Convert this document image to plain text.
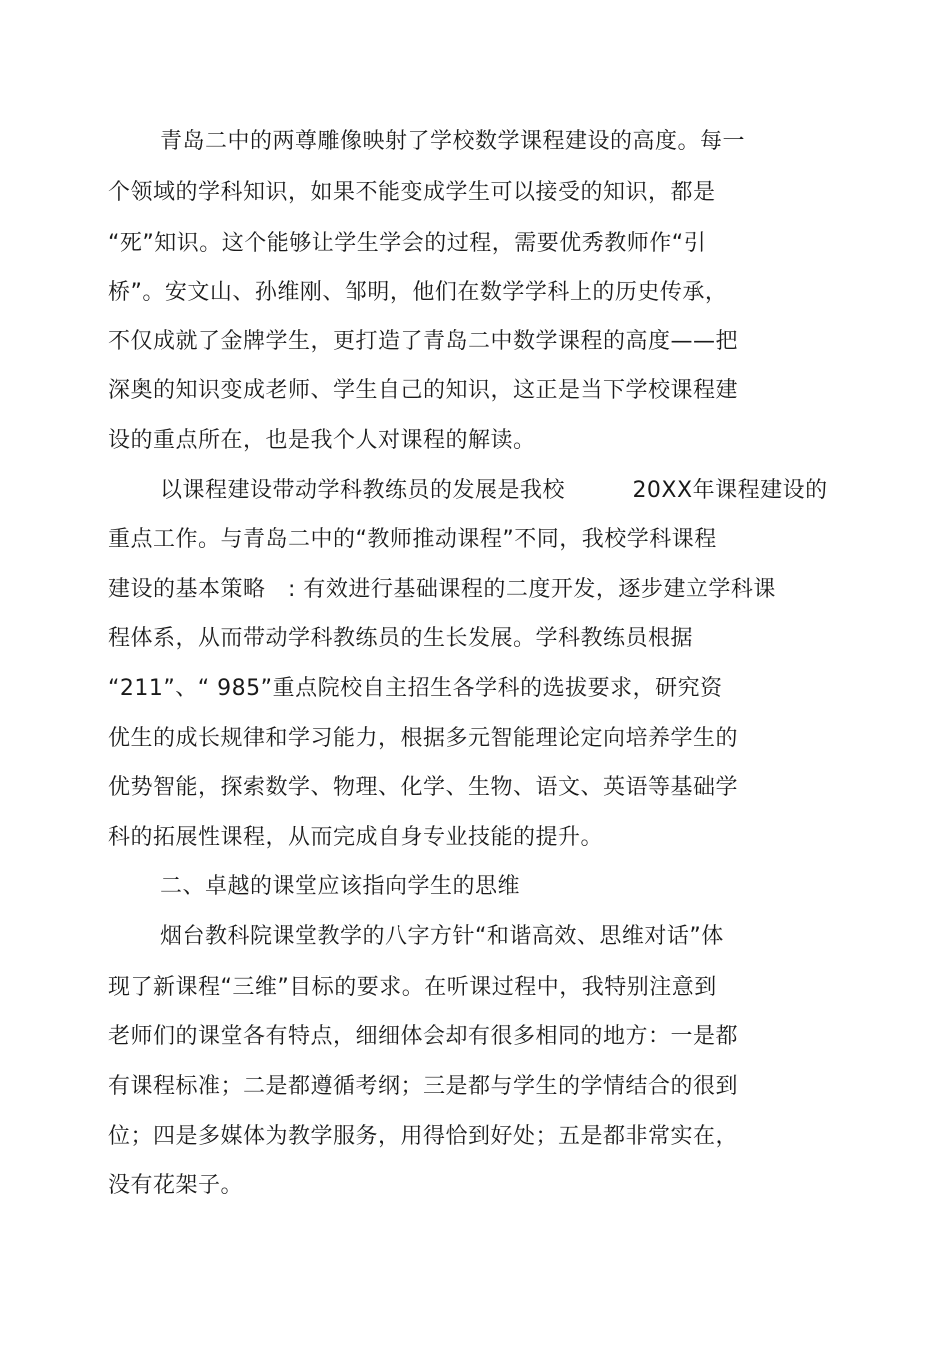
青岛二中的两尊雕像映射了学校数学课程建设的高度。每一
个领域的学科知识，如果不能变成学生可以接受的知识，都是
“死”知识。这个能够让学生学会的过程，需要优秀教师作“引
桥”。安文山、孙维刚、邹明，他们在数学学科上的历史传承，
不仅成就了金牌学生，更打造了青岛二中数学课程的高度——把
深奥的知识变成老师、学生自己的知识，这正是当下学校课程建
设的重点所在，也是我个人对课程的解读。
以课程建设带动学科教练员的发展是我校         20XX年课程建设的
重点工作。与青岛二中的“教师推动课程”不同，我校学科课程
建设的基本策略   : 有效进行基础课程的二度开发，逐步建立学科课
程体系，从而带动学科教练员的生长发展。学科教练员根据
“211”、“ 985”重点院校自主招生各学科的选拔要求，研究资
优生的成长规律和学习能力，根据多元智能理论定向培养学生的
优势智能，探索数学、物理、化学、生物、语文、英语等基础学
科的拓展性课程，从而完成自身专业技能的提升。
二、卓越的课堂应该指向学生的思维
烟台教科院课堂教学的八字方针“和谐高效、思维对话”体
现了新课程“三维”目标的要求。在听课过程中，我特别注意到
老师们的课堂各有特点，细细体会却有很多相同的地方：一是都
有课程标准；二是都遵循考纲；三是都与学生的学情结合的很到
位；四是多媒体为教学服务，用得恰到好处；五是都非常实在，
没有花架子。
